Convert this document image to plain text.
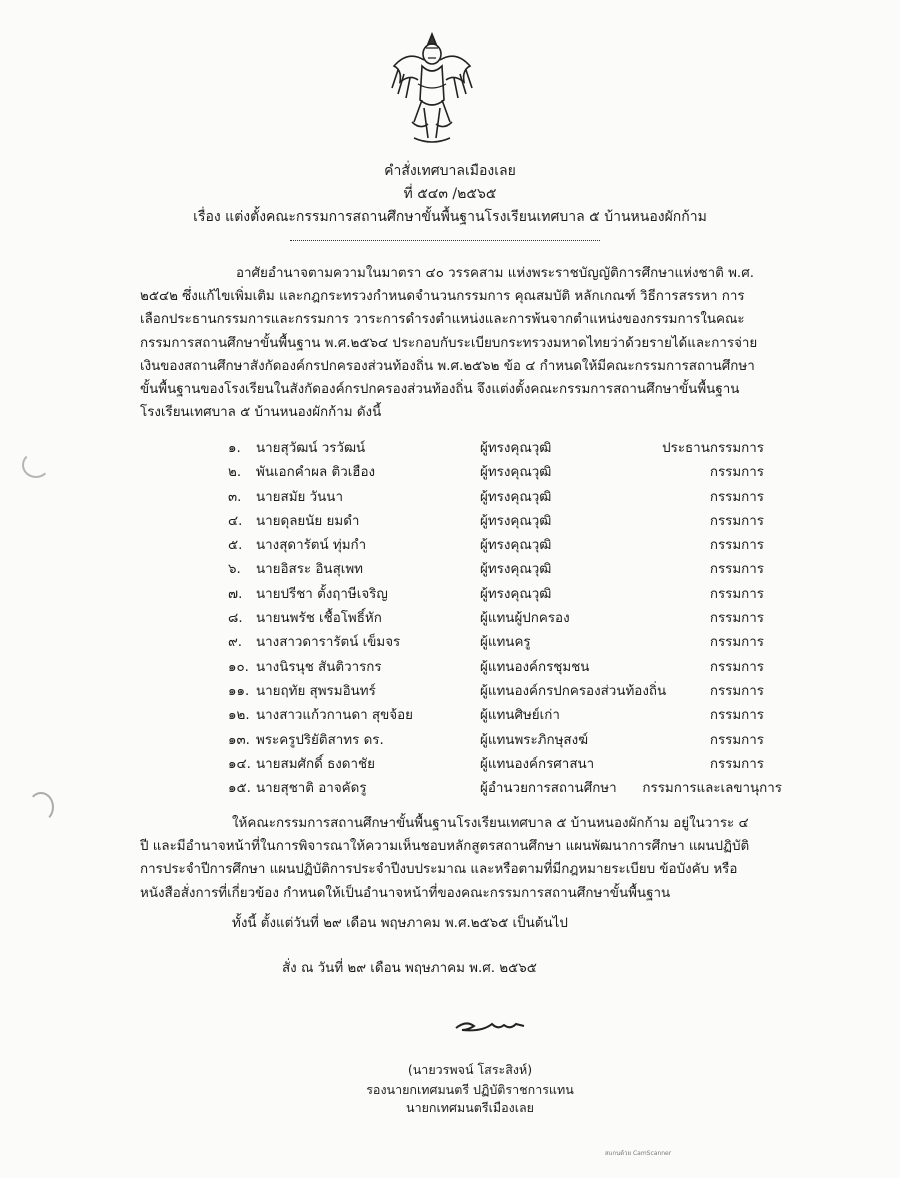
คำสั่งเทศบาลเมืองเลย
ที่ ๕๔๓ /๒๕๖๕
เรื่อง แต่งตั้งคณะกรรมการสถานศึกษาขั้นพื้นฐานโรงเรียนเทศบาล ๕ บ้านหนองผักก้าม
อาศัยอำนาจตามความในมาตรา ๔๐ วรรคสาม แห่งพระราชบัญญัติการศึกษาแห่งชาติ พ.ศ. ๒๕๔๒ ซึ่งแก้ไขเพิ่มเติม และกฎกระทรวงกำหนดจำนวนกรรมการ คุณสมบัติ หลักเกณฑ์ วิธีการสรรหา การเลือกประธานกรรมการและกรรมการ วาระการดำรงตำแหน่งและการพ้นจากตำแหน่งของกรรมการในคณะกรรมการสถานศึกษาขั้นพื้นฐาน พ.ศ.๒๕๖๔ ประกอบกับระเบียบกระทรวงมหาดไทยว่าด้วยรายได้และการจ่ายเงินของสถานศึกษาสังกัดองค์กรปกครองส่วนท้องถิ่น พ.ศ.๒๕๖๒ ข้อ ๔ กำหนดให้มีคณะกรรมการสถานศึกษาขั้นพื้นฐานของโรงเรียนในสังกัดองค์กรปกครองส่วนท้องถิ่น จึงแต่งตั้งคณะกรรมการสถานศึกษาขั้นพื้นฐานโรงเรียนเทศบาล ๕ บ้านหนองผักก้าม ดังนี้
๑. นายสุวัฒน์ วรวัฒน์	ผู้ทรงคุณวุฒิ	ประธานกรรมการ
๒. พันเอกคำผล ติวเฮือง	ผู้ทรงคุณวุฒิ	กรรมการ
๓. นายสมัย วันนา	ผู้ทรงคุณวุฒิ	กรรมการ
๔. นายดุลยนัย ยมดำ	ผู้ทรงคุณวุฒิ	กรรมการ
๕. นางสุดารัตน์ ทุ่มกำ	ผู้ทรงคุณวุฒิ	กรรมการ
๖. นายอิสระ อินสุเพท	ผู้ทรงคุณวุฒิ	กรรมการ
๗. นายปรีชา ตั้งฤาษีเจริญ	ผู้ทรงคุณวุฒิ	กรรมการ
๘. นายนพรัช เชื้อโพธิ์หัก	ผู้แทนผู้ปกครอง	กรรมการ
๙. นางสาวดารารัตน์ เข็มจร	ผู้แทนครู	กรรมการ
๑๐. นางนิรนุช สันติวารกร	ผู้แทนองค์กรชุมชน	กรรมการ
๑๑. นายฤทัย สุพรมอินทร์	ผู้แทนองค์กรปกครองส่วนท้องถิ่น	กรรมการ
๑๒. นางสาวแก้วกานดา สุขจ้อย	ผู้แทนศิษย์เก่า	กรรมการ
๑๓. พระครูปริยัติสาทร ดร.	ผู้แทนพระภิกษุสงฆ์	กรรมการ
๑๔. นายสมศักดิ์ ธงดาชัย	ผู้แทนองค์กรศาสนา	กรรมการ
๑๕. นายสุชาติ อาจคัดรู	ผู้อำนวยการสถานศึกษา กรรมการและเลขานุการ
ให้คณะกรรมการสถานศึกษาขั้นพื้นฐานโรงเรียนเทศบาล ๕ บ้านหนองผักก้าม อยู่ในวาระ ๔ ปี และมีอำนาจหน้าที่ในการพิจารณาให้ความเห็นชอบหลักสูตรสถานศึกษา แผนพัฒนาการศึกษา แผนปฏิบัติการประจำปีการศึกษา แผนปฏิบัติการประจำปีงบประมาณ และหรือตามที่มีกฎหมายระเบียบ ข้อบังคับ หรือหนังสือสั่งการที่เกี่ยวข้อง กำหนดให้เป็นอำนาจหน้าที่ของคณะกรรมการสถานศึกษาขั้นพื้นฐาน
ทั้งนี้ ตั้งแต่วันที่ ๒๙ เดือน พฤษภาคม พ.ศ.๒๕๖๕ เป็นต้นไป
สั่ง ณ วันที่ ๒๙ เดือน พฤษภาคม พ.ศ. ๒๕๖๕
(นายวรพจน์ โสระสิงห์)
รองนายกเทศมนตรี ปฏิบัติราชการแทน
นายกเทศมนตรีเมืองเลย
สแกนด้วย CamScanner
